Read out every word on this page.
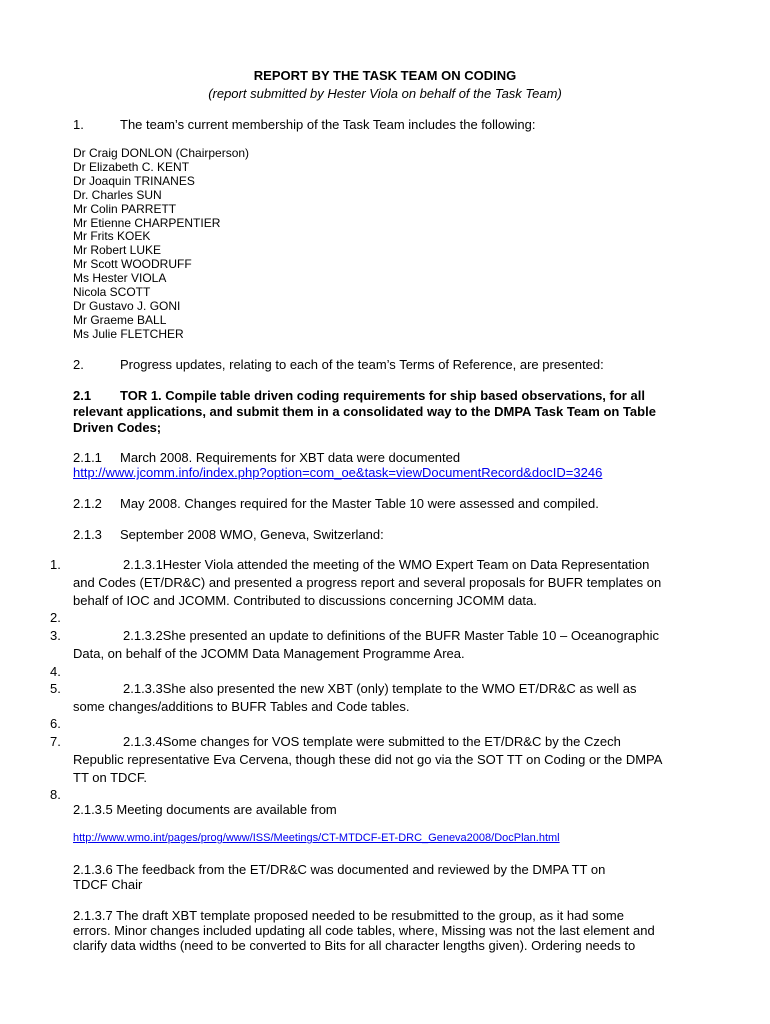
REPORT BY THE TASK TEAM ON CODING
(report submitted by Hester Viola on behalf of the Task Team)
1.	The team’s current membership of the Task Team includes the following:
Dr Craig DONLON (Chairperson)
Dr Elizabeth C. KENT
Dr Joaquin TRINANES
Dr. Charles SUN
Mr Colin PARRETT
Mr Etienne CHARPENTIER
Mr Frits KOEK
Mr Robert LUKE
Mr Scott WOODRUFF
Ms Hester VIOLA
Nicola SCOTT
Dr Gustavo J. GONI
Mr Graeme BALL
Ms Julie FLETCHER
2.	Progress updates, relating to each of the team’s Terms of Reference, are presented:
2.1 TOR 1. Compile table driven coding requirements for ship based observations, for all
relevant applications, and submit them in a consolidated way to the DMPA Task Team on Table
Driven Codes;
2.1.1 March 2008. Requirements for XBT data were documented
http://www.jcomm.info/index.php?option=com_oe&task=viewDocumentRecord&docID=3246
2.1.2 May 2008. Changes required for the Master Table 10 were assessed and compiled.
2.1.3 September 2008 WMO, Geneva, Switzerland:
1.
2.
3.
4.
5.
6.
7.
8.
2.1.3.1Hester Viola attended the meeting of the WMO Expert Team on Data Representation
and Codes (ET/DR&C) and presented a progress report and several proposals for BUFR templates on
behalf of IOC and JCOMM. Contributed to discussions concerning JCOMM data.
2.1.3.2She presented an update to definitions of the BUFR Master Table 10 – Oceanographic
Data, on behalf of the JCOMM Data Management Programme Area.
2.1.3.3She also presented the new XBT (only) template to the WMO ET/DR&C as well as
some changes/additions to BUFR Tables and Code tables.
2.1.3.4Some changes for VOS template were submitted to the ET/DR&C by the Czech
Republic representative Eva Cervena, though these did not go via the SOT TT on Coding or the DMPA
TT on TDCF.
2.1.3.5 Meeting documents are available from
http://www.wmo.int/pages/prog/www/ISS/Meetings/CT-MTDCF-ET-DRC_Geneva2008/DocPlan.html
2.1.3.6 The feedback from the ET/DR&C was documented and reviewed by the DMPA TT on
TDCF Chair
2.1.3.7 The draft XBT template proposed needed to be resubmitted to the group, as it had some
errors. Minor changes included updating all code tables, where, Missing was not the last element and
clarify data widths (need to be converted to Bits for all character lengths given). Ordering needs to
